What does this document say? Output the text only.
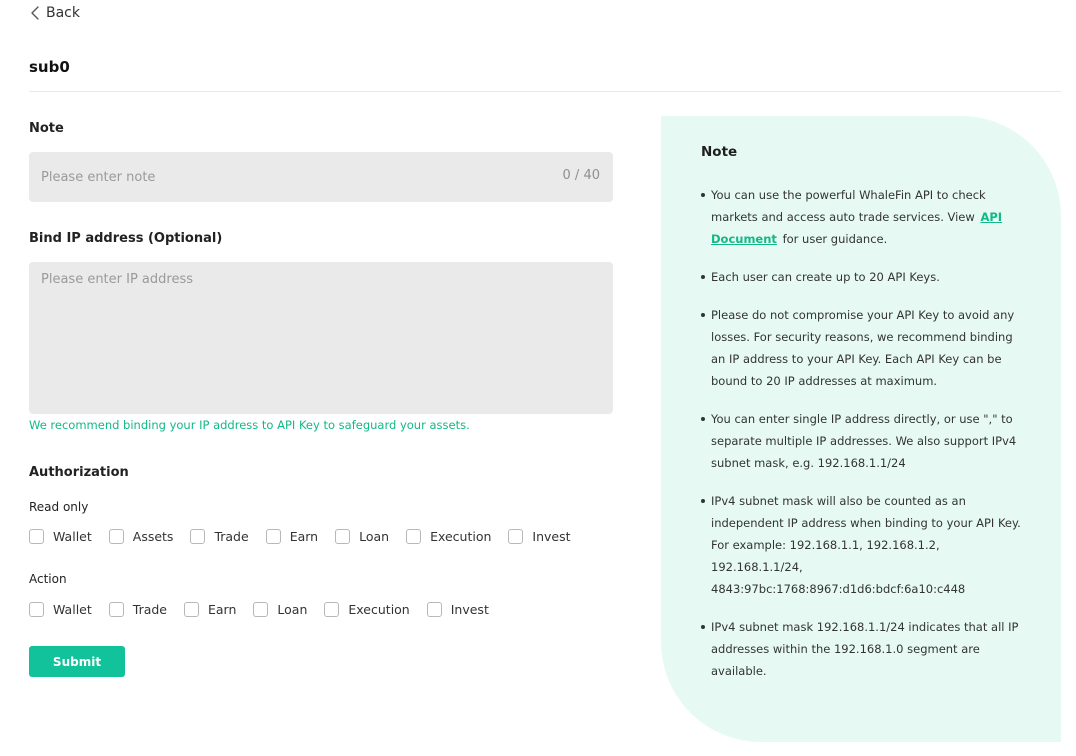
Back
sub0
Note
Please enter note
0 / 40
Bind IP address (Optional)
Please enter IP address
We recommend binding your IP address to API Key to safeguard your assets.
Authorization
Read only
Wallet	Assets	Trade	Earn	Loan	Execution	Invest
Action
Wallet	Trade	Earn	Loan	Execution	Invest
Submit
Note
You can use the powerful WhaleFin API to check markets and access auto trade services. View API Document for user guidance.
Each user can create up to 20 API Keys.
Please do not compromise your API Key to avoid any losses. For security reasons, we recommend binding an IP address to your API Key. Each API Key can be bound to 20 IP addresses at maximum.
You can enter single IP address directly, or use "," to separate multiple IP addresses. We also support IPv4 subnet mask, e.g. 192.168.1.1/24
IPv4 subnet mask will also be counted as an independent IP address when binding to your API Key. For example: 192.168.1.1, 192.168.1.2, 192.168.1.1/24, 4843:97bc:1768:8967:d1d6:bdcf:6a10:c448
IPv4 subnet mask 192.168.1.1/24 indicates that all IP addresses within the 192.168.1.0 segment are available.
